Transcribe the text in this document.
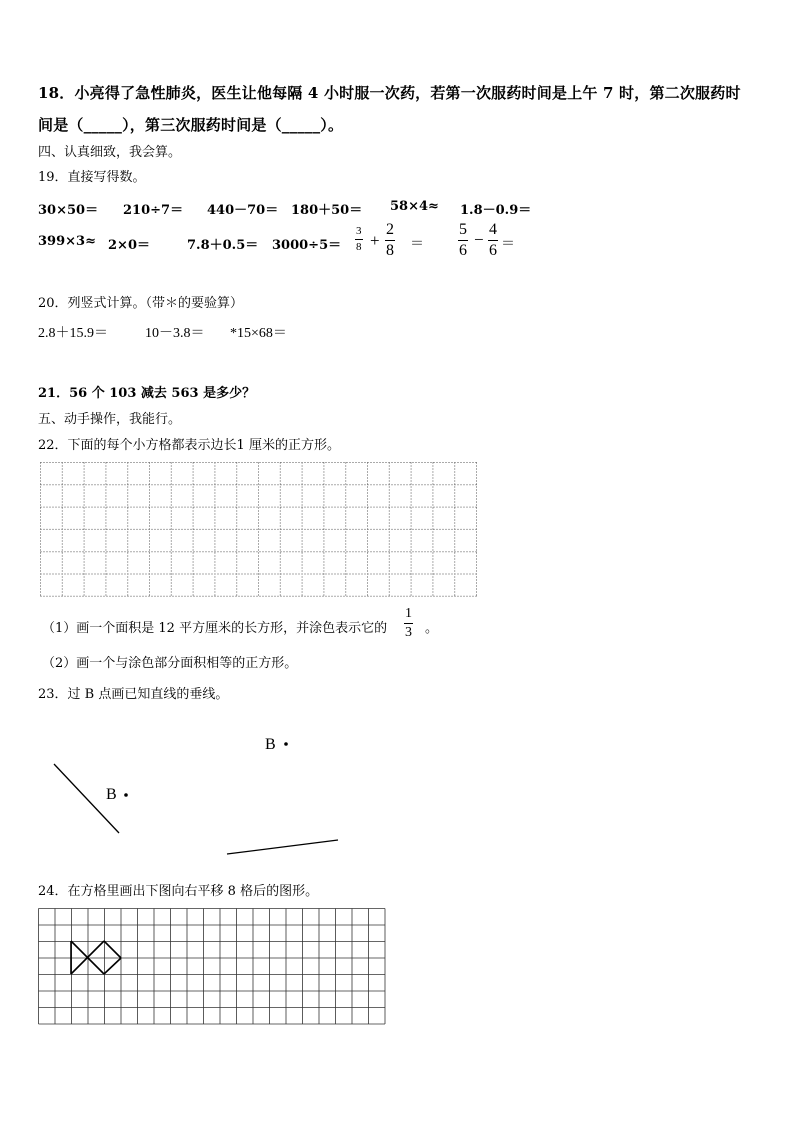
18．小亮得了急性肺炎，医生让他每隔 4 小时服一次药，若第一次服药时间是上午 7 时，第二次服药时
间是（_____），第三次服药时间是（_____）。
四、认真细致，我会算。
19．直接写得数。
30×50＝ 210÷7＝ 440－70＝ 180＋50＝ 58×4≈ 1.8－0.9＝
399×3≈ 2×0＝	$7.8+0.5= 3000\div 5= \frac{3}{8} + \frac{2}{8} = \frac{5}{6} - \frac{4}{6}$ ＝
20．列竖式计算。（带＊的要验算）
2.8＋15.9＝	10－3.8＝ *15×68＝
21．56 个 103 减去 563 是多少？
五、动手操作，我能行。
22．下面的每个小方格都表示边长1 厘米的正方形。
（1）画一个面积是 12 平方厘米的长方形，并涂色表示它的 $\frac{1}{3}$ 。
（2）画一个与涂色部分面积相等的正方形。
23．过 B 点画已知直线的垂线。
B
B
24．在方格里画出下图向右平移 8 格后的图形。
